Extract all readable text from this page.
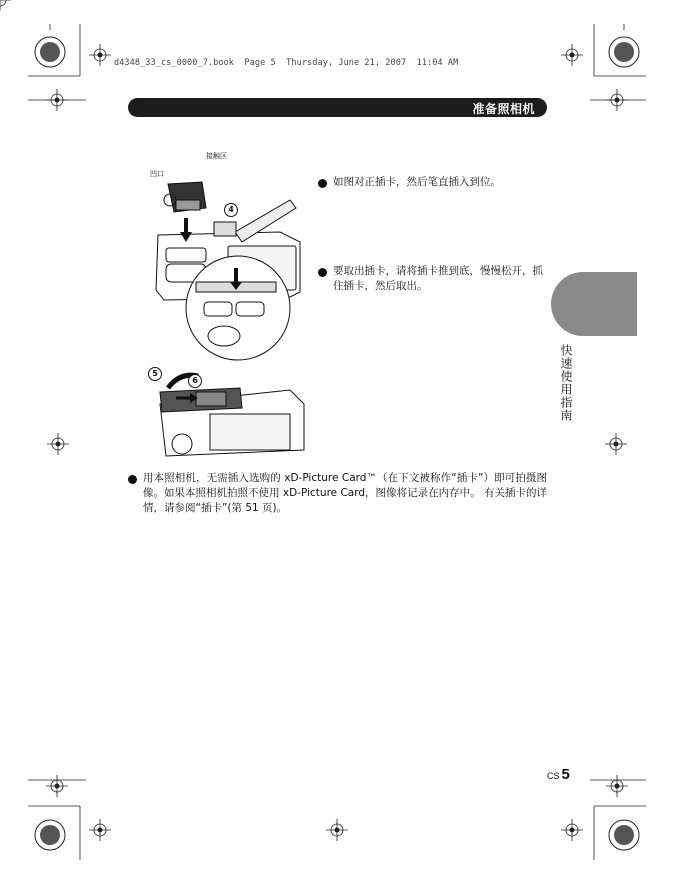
d4348_33_cs_0000_7.book  Page 5  Thursday, June 21, 2007  11:04 AM
准备照相机
快速使用指南
接触区
凹口
4
5
6
如图对正插卡，然后笔直插入到位。
要取出插卡，请将插卡推到底，慢慢松开，抓住插卡，然后取出。
用本照相机，无需插入选购的 xD-Picture Card™（在下文被称作“插卡”）即可拍摄图像。如果本照相机拍照不使用 xD-Picture Card，图像将记录在内存中。 有关插卡的详情，请参阅“插卡”(第 51 页)。
CS 5
